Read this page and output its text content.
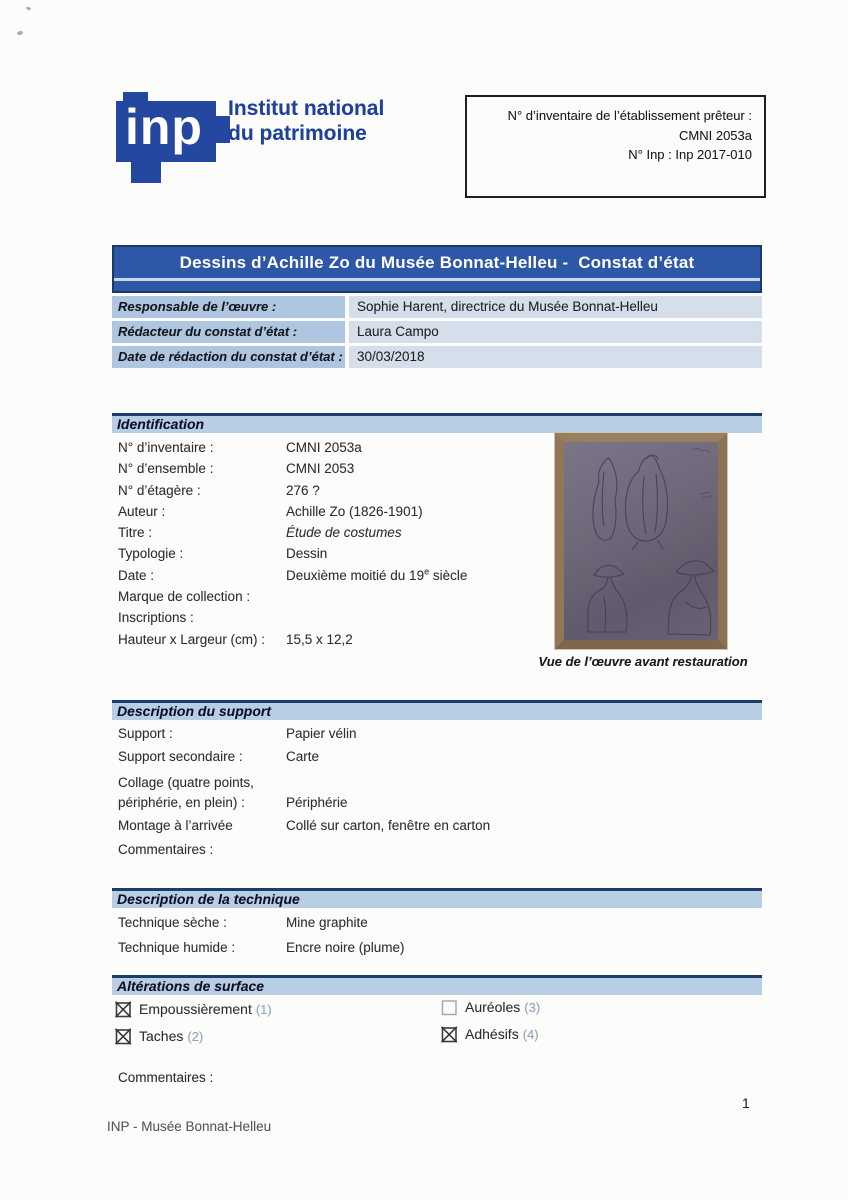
inp Institut national
du patrimoine
N° d’inventaire de l’établissement prêteur :
CMNI 2053a
N° Inp : Inp 2017-010
Dessins d’Achille Zo du Musée Bonnat-Helleu -  Constat d’état
Responsable de l’œuvre :	Sophie Harent, directrice du Musée Bonnat-Helleu
Rédacteur du constat d’état :	Laura Campo
Date de rédaction du constat d’état :	30/03/2018
Identification
N° d’inventaire :	CMNI 2053a
N° d’ensemble :	CMNI 2053
N° d’étagère :	276 ?
Auteur :	Achille Zo (1826-1901)
Titre :	Étude de costumes
Typologie :	Dessin
Date :	Deuxième moitié du 19e siècle
Marque de collection :
Inscriptions :
Hauteur x Largeur (cm) :	15,5 x 12,2
Vue de l’œuvre avant restauration
Description du support
Support :	Papier vélin
Support secondaire :	Carte
Collage (quatre points,
périphérie, en plein) :	Périphérie
Montage à l’arrivée	Collé sur carton, fenêtre en carton
Commentaires :
Description de la technique
Technique sèche :	Mine graphite
Technique humide :	Encre noire (plume)
Altérations de surface
Empoussièrement (1)
Taches (2)
Auréoles (3)
Adhésifs (4)
Commentaires :
1
INP - Musée Bonnat-Helleu
